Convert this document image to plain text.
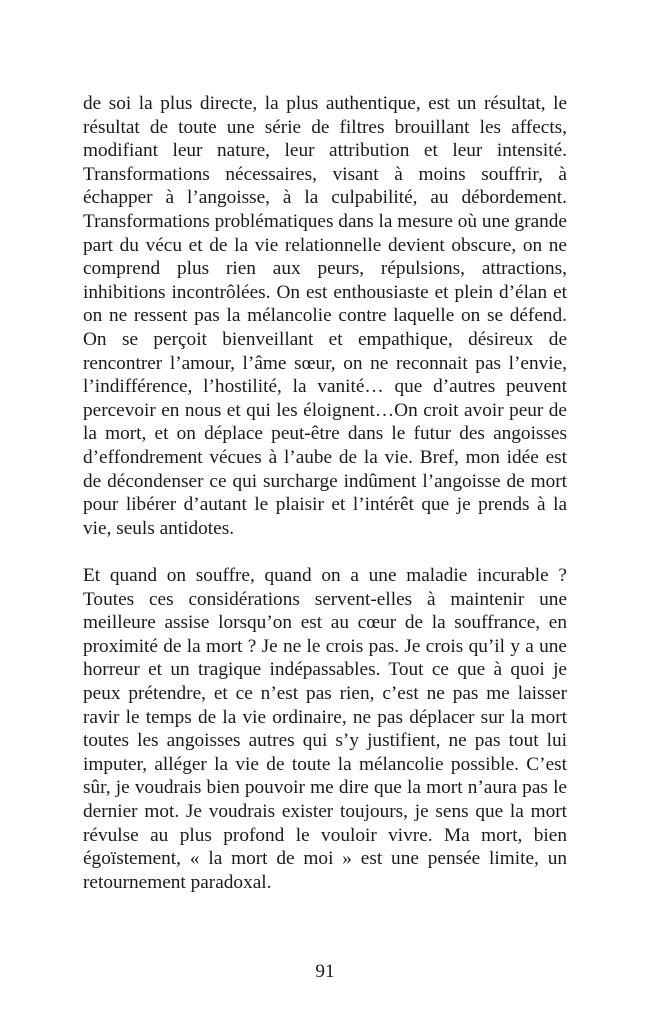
de soi la plus directe, la plus authentique, est un résultat, le résultat de toute une série de filtres brouillant les affects, modifiant leur nature, leur attribution et leur intensité. Transformations nécessaires, visant à moins souffrir, à échapper à l’angoisse, à la culpabilité, au débordement. Transformations problématiques dans la mesure où une grande part du vécu et de la vie relationnelle devient obscure, on ne comprend plus rien aux peurs, répulsions, attractions, inhibitions incontrôlées. On est enthousiaste et plein d’élan et on ne ressent pas la mélancolie contre laquelle on se défend. On se perçoit bienveillant et empathique, désireux de rencontrer l’amour, l’âme sœur, on ne reconnait pas l’envie, l’indifférence, l’hostilité, la vanité… que d’autres peuvent percevoir en nous et qui les éloignent…On croit avoir peur de la mort, et on déplace peut-être dans le futur des angoisses d’effondrement vécues à l’aube de la vie. Bref, mon idée est de décondenser ce qui surcharge indûment l’angoisse de mort pour libérer d’autant le plaisir et l’intérêt que je prends à la vie, seuls antidotes.

Et quand on souffre, quand on a une maladie incurable ? Toutes ces considérations servent-elles à maintenir une meilleure assise lorsqu’on est au cœur de la souffrance, en proximité de la mort ? Je ne le crois pas. Je crois qu’il y a une horreur et un tragique indépassables. Tout ce que à quoi je peux prétendre, et ce n’est pas rien, c’est ne pas me laisser ravir le temps de la vie ordinaire, ne pas déplacer sur la mort toutes les angoisses autres qui s’y justifient, ne pas tout lui imputer, alléger la vie de toute la mélancolie possible. C’est sûr, je voudrais bien pouvoir me dire que la mort n’aura pas le dernier mot. Je voudrais exister toujours, je sens que la mort révulse au plus profond le vouloir vivre. Ma mort, bien égoïstement, « la mort de moi » est une pensée limite, un retournement paradoxal.

91
